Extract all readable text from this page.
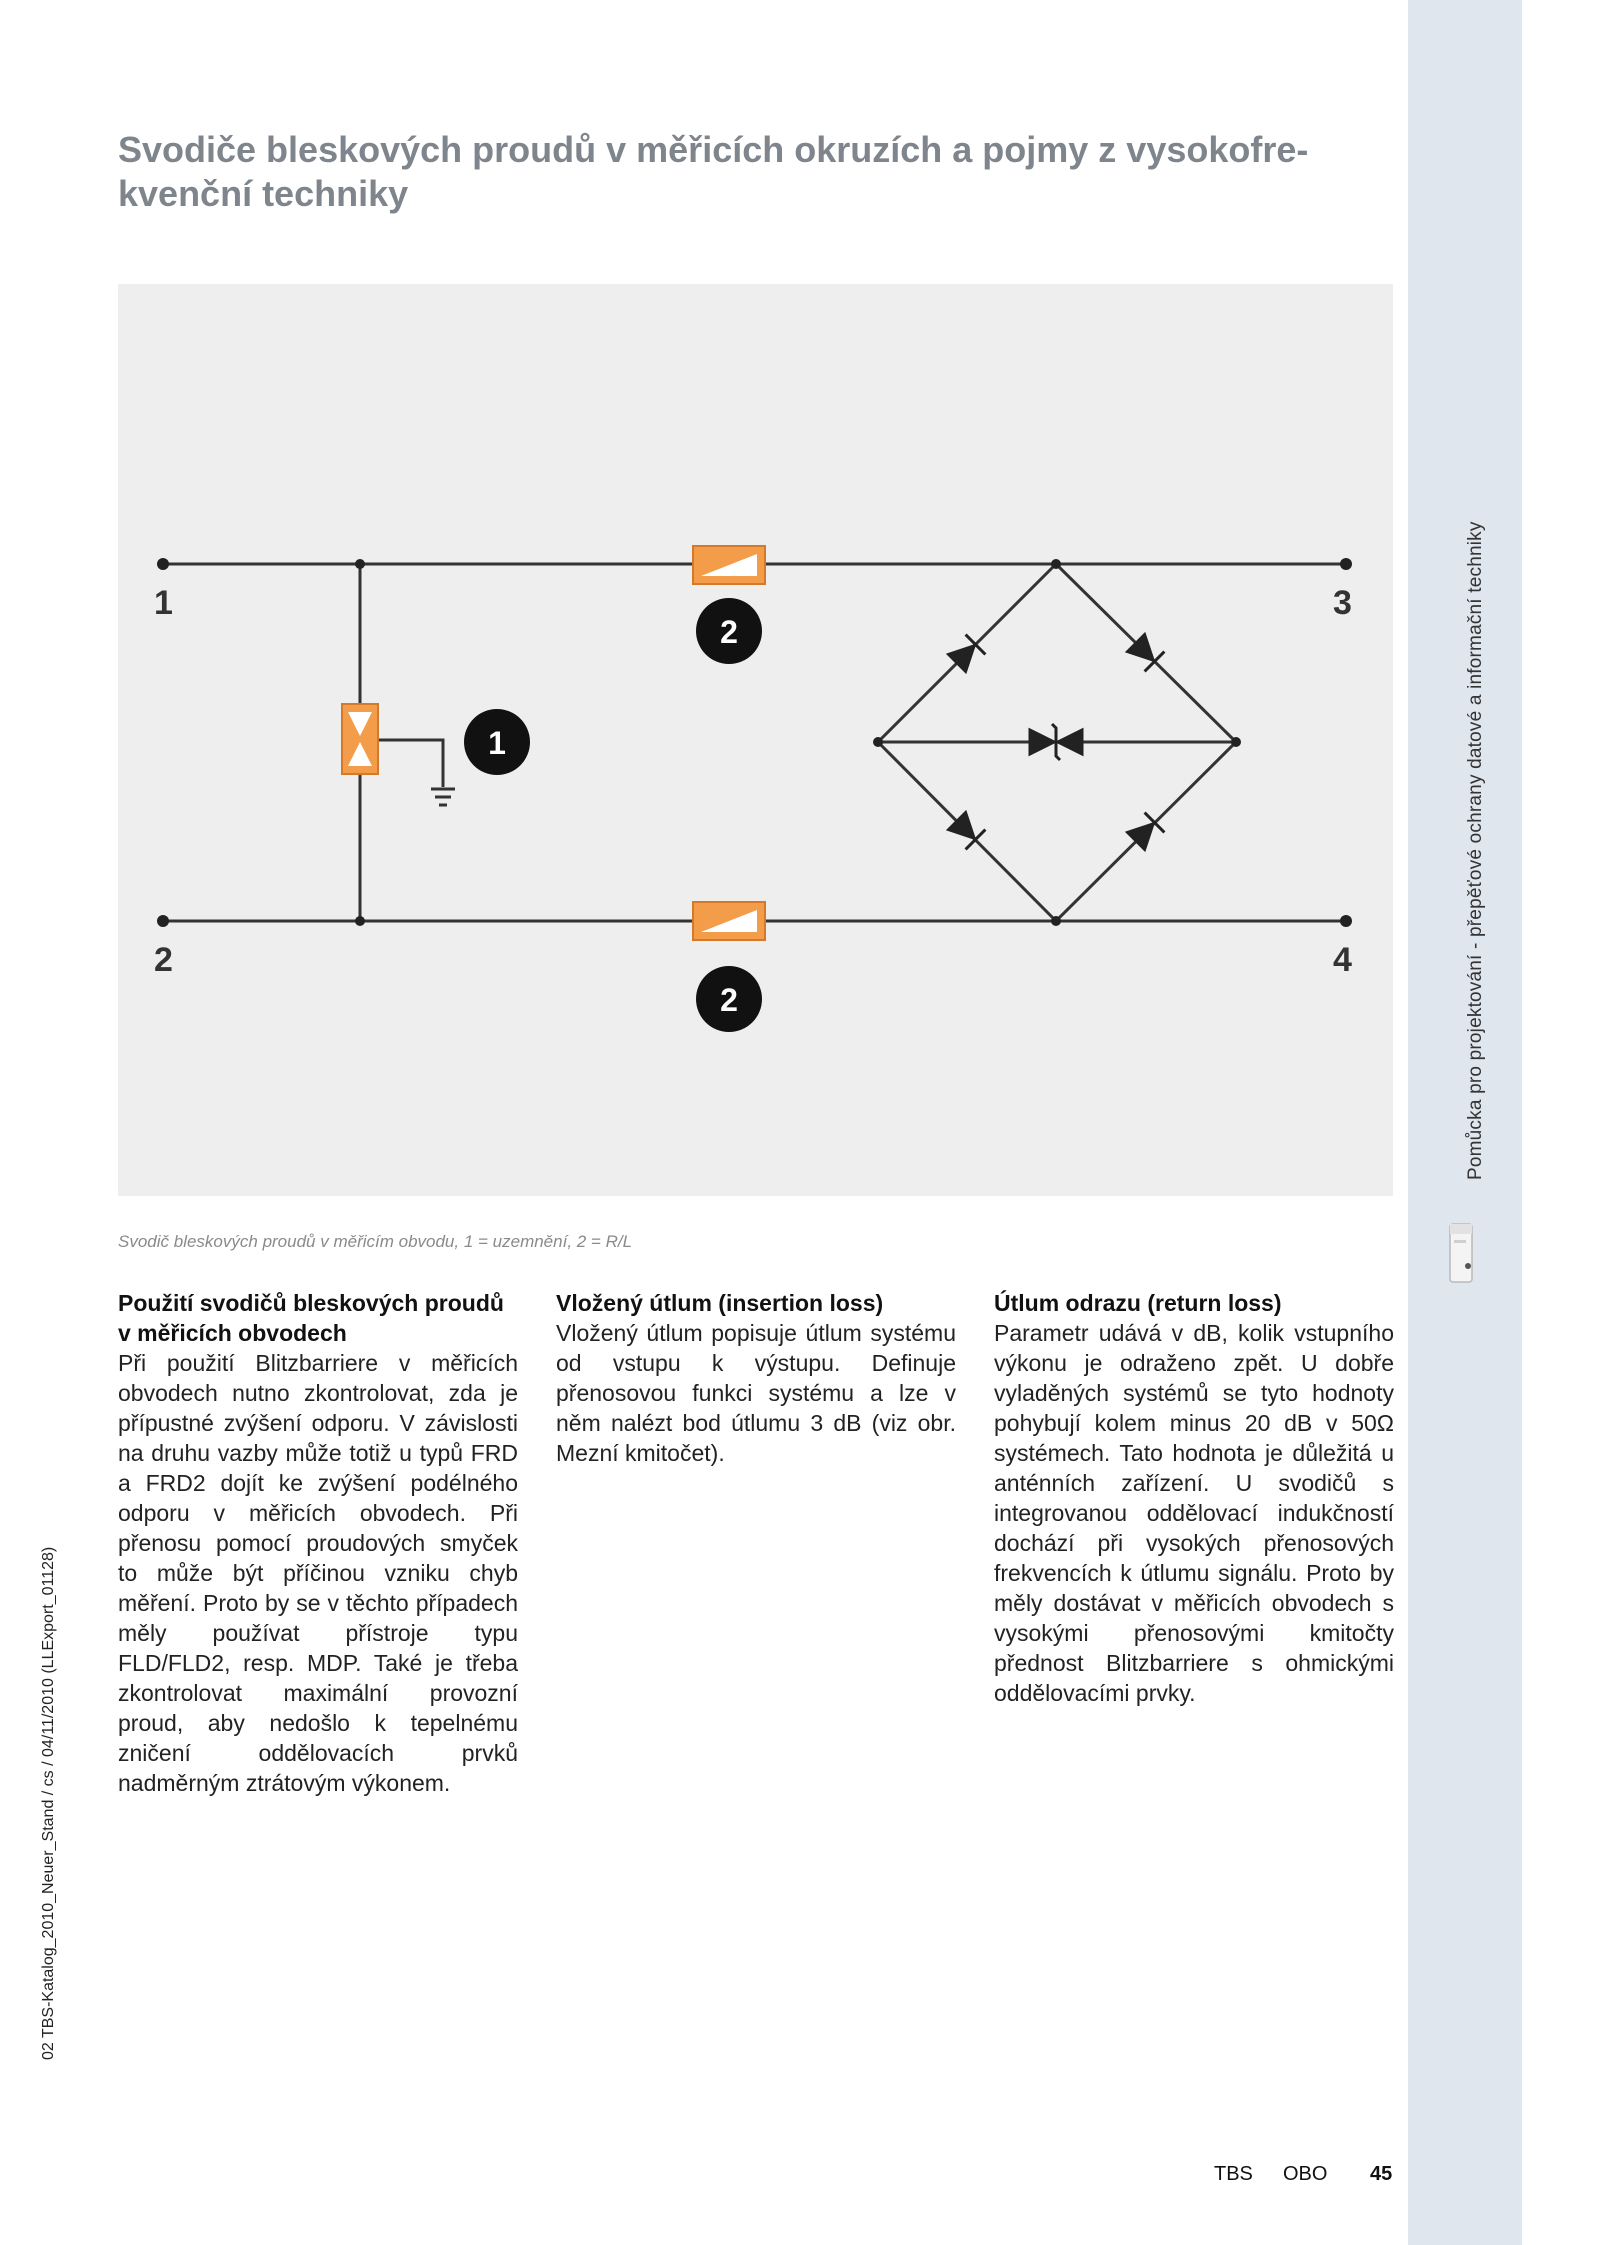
Pomůcka pro projektování - přepěťové ochrany datové a informační techniky
02 TBS-Katalog_2010_Neuer_Stand / cs / 04/11/2010 (LLExport_01128)
Svodiče bleskových proudů v měřicích okruzích a pojmy z vysokofre-kvenční techniky
1
2
3
4
1
2
2
Svodič bleskových proudů v měřicím obvodu, 1 = uzemnění, 2 = R/L
Použití svodičů bleskových proudů v měřicích obvodech

Při použití Blitzbarriere v měřicích obvodech nutno zkontrolovat, zda je přípustné zvýšení odporu. V závislosti na druhu vazby může totiž u typů FRD a FRD2 dojít ke zvýšení podélného odporu v měřicích obvodech. Při přenosu pomocí proudových smyček to může být příčinou vzniku chyb měření. Proto by se v těchto případech měly používat přístroje typu FLD/FLD2, resp. MDP. Také je třeba zkontrolovat maximální provozní proud, aby nedošlo k tepelnému zničení oddělovacích prvků nadměrným ztrátovým výkonem.

Vložený útlum (insertion loss)

Vložený útlum popisuje útlum systému od vstupu k výstupu. Definuje přenosovou funkci systému a lze v něm nalézt bod útlumu 3 dB (viz obr. Mezní kmitočet).

Útlum odrazu (return loss)

Parametr udává v dB, kolik vstupního výkonu je odraženo zpět. U dobře vyladěných systémů se tyto hodnoty pohybují kolem minus 20 dB v 50Ω systémech. Tato hodnota je důležitá u anténních zařízení. U svodičů s integrovanou oddělovací indukčností dochází při vysokých přenosových frekvencích k útlumu signálu. Proto by měly dostávat v měřicích obvodech s vysokými přenosovými kmitočty přednost Blitzbarriere s ohmickými oddělovacími prvky.

TBS OBO 45
